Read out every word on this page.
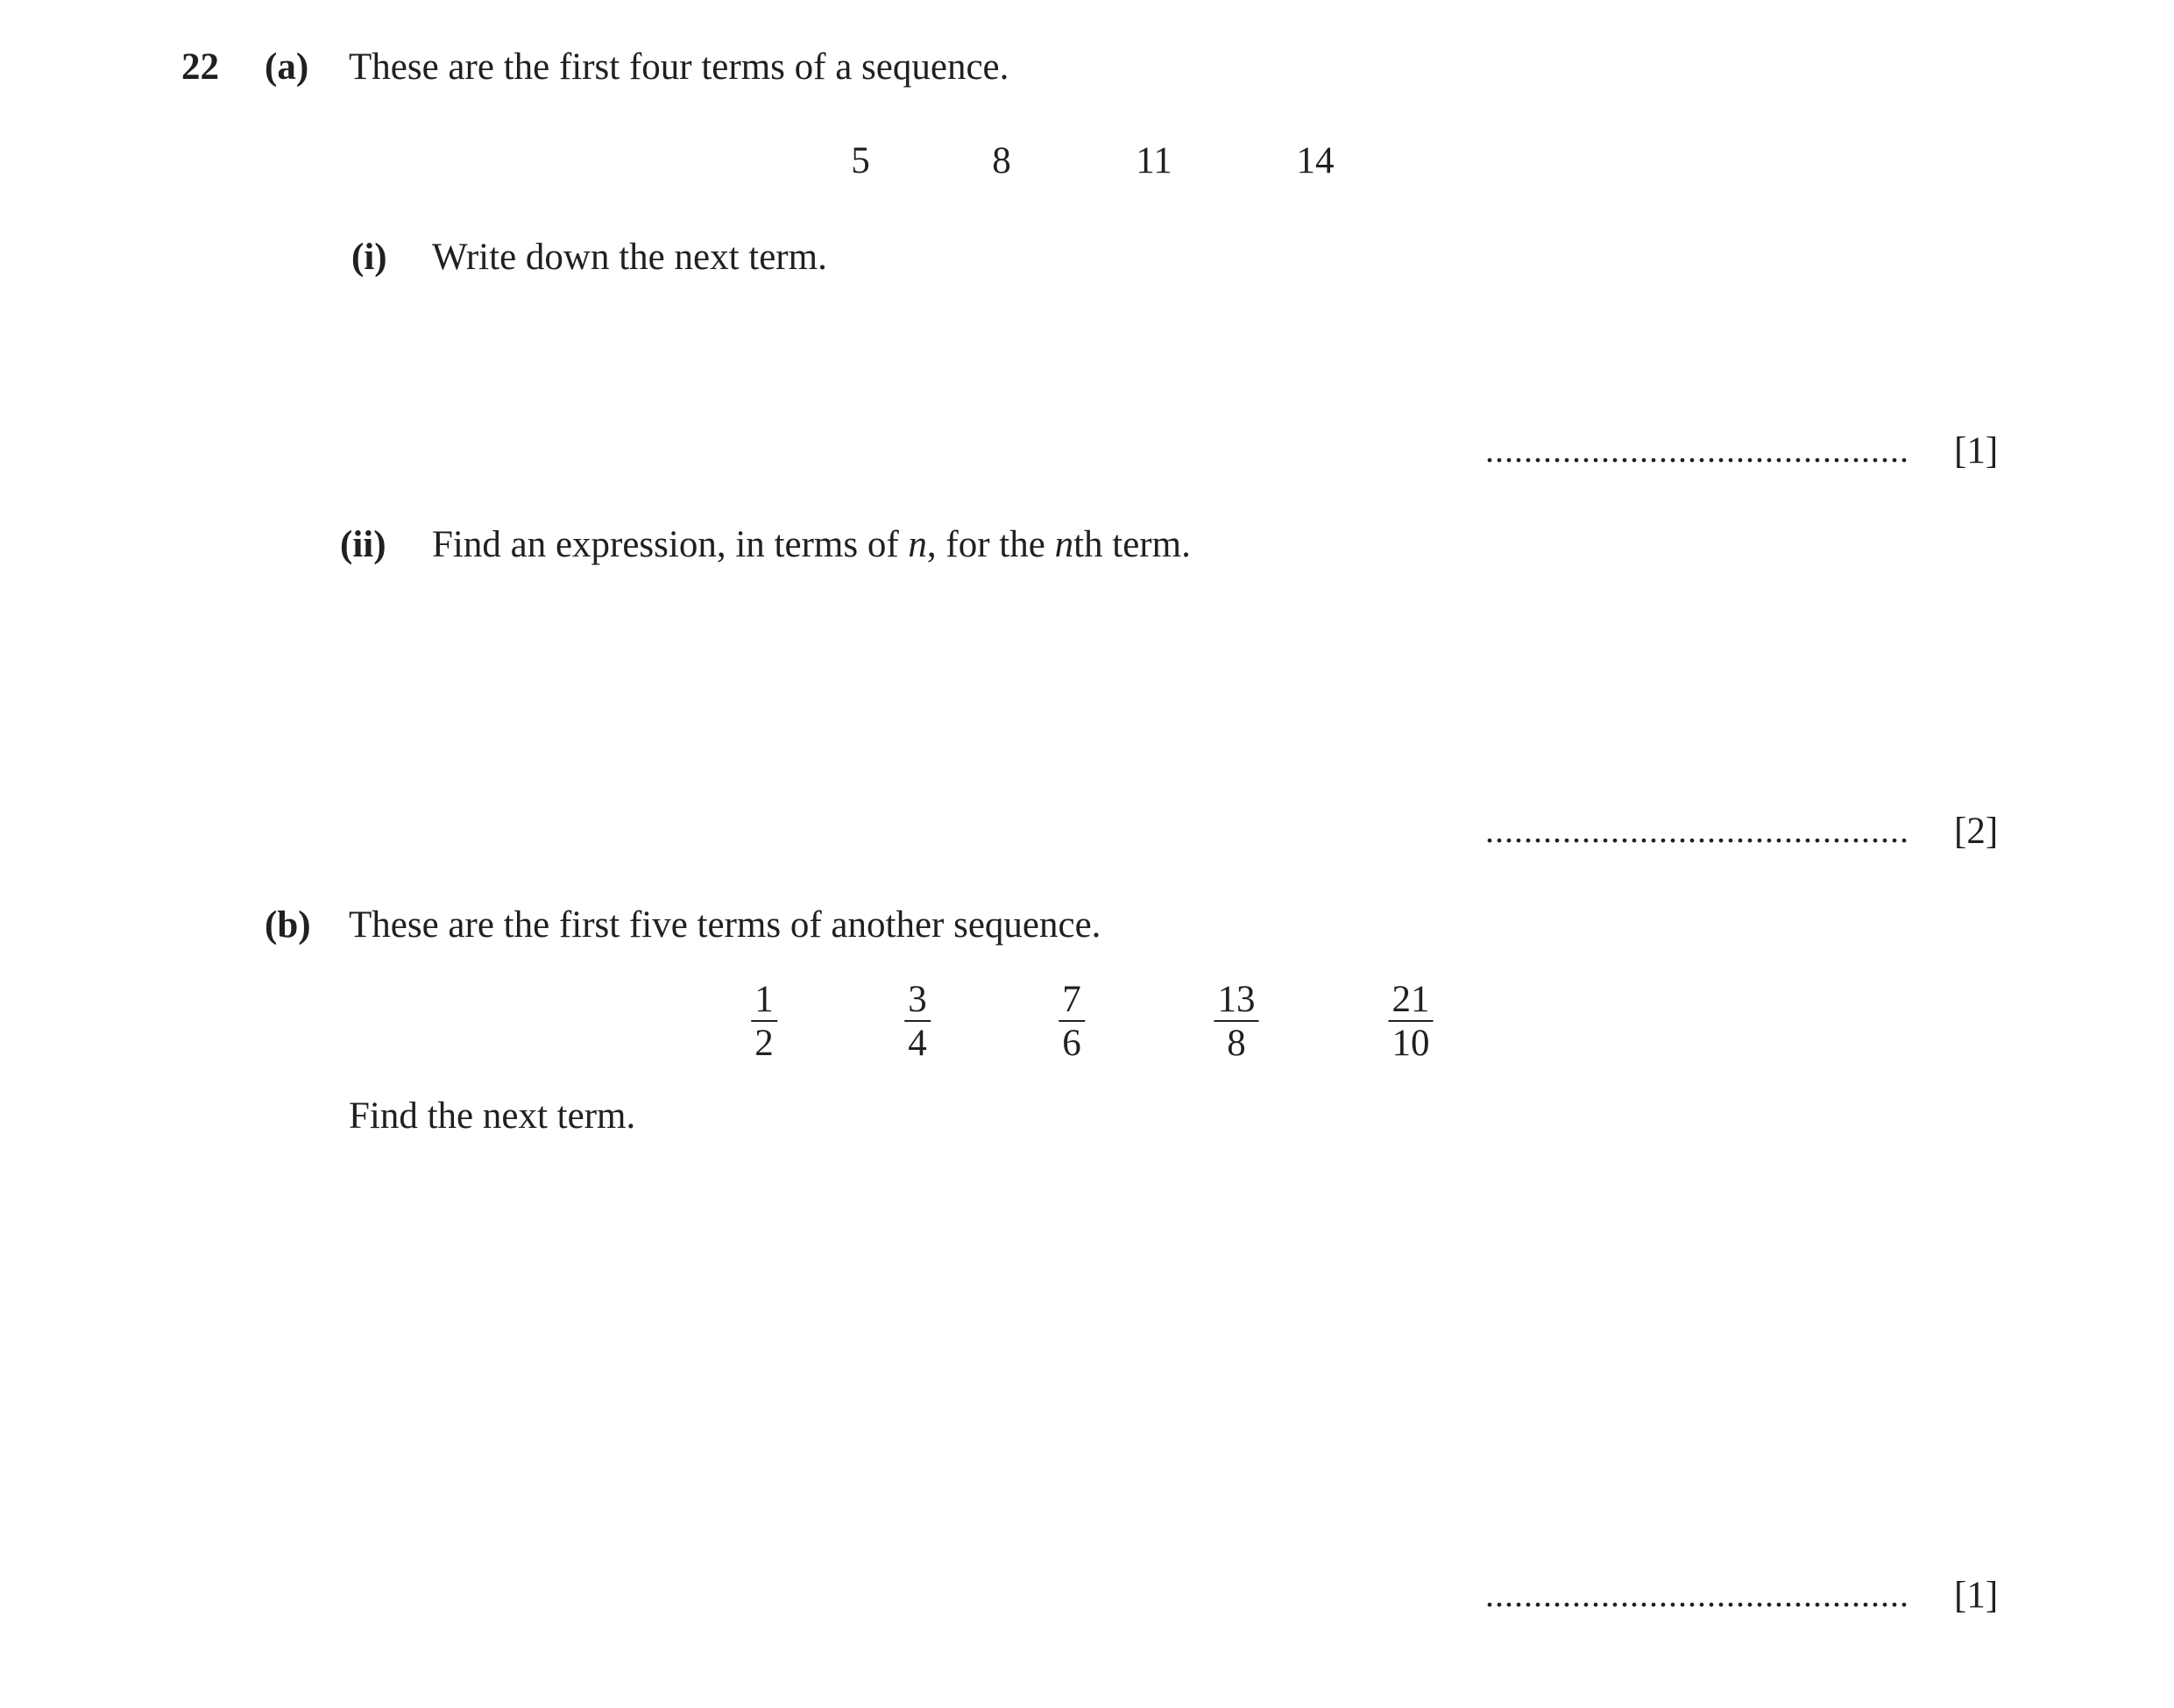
22 (a) These are the first four terms of a sequence.
5	8	11	14
(i) Write down the next term.
............................................ [1]
(ii) Find an expression, in terms of n, for the nth term.
............................................ [2]
(b) These are the first five terms of another sequence.
1
2
3
4
7
6
13
8
21
10
Find the next term.
............................................ [1]
